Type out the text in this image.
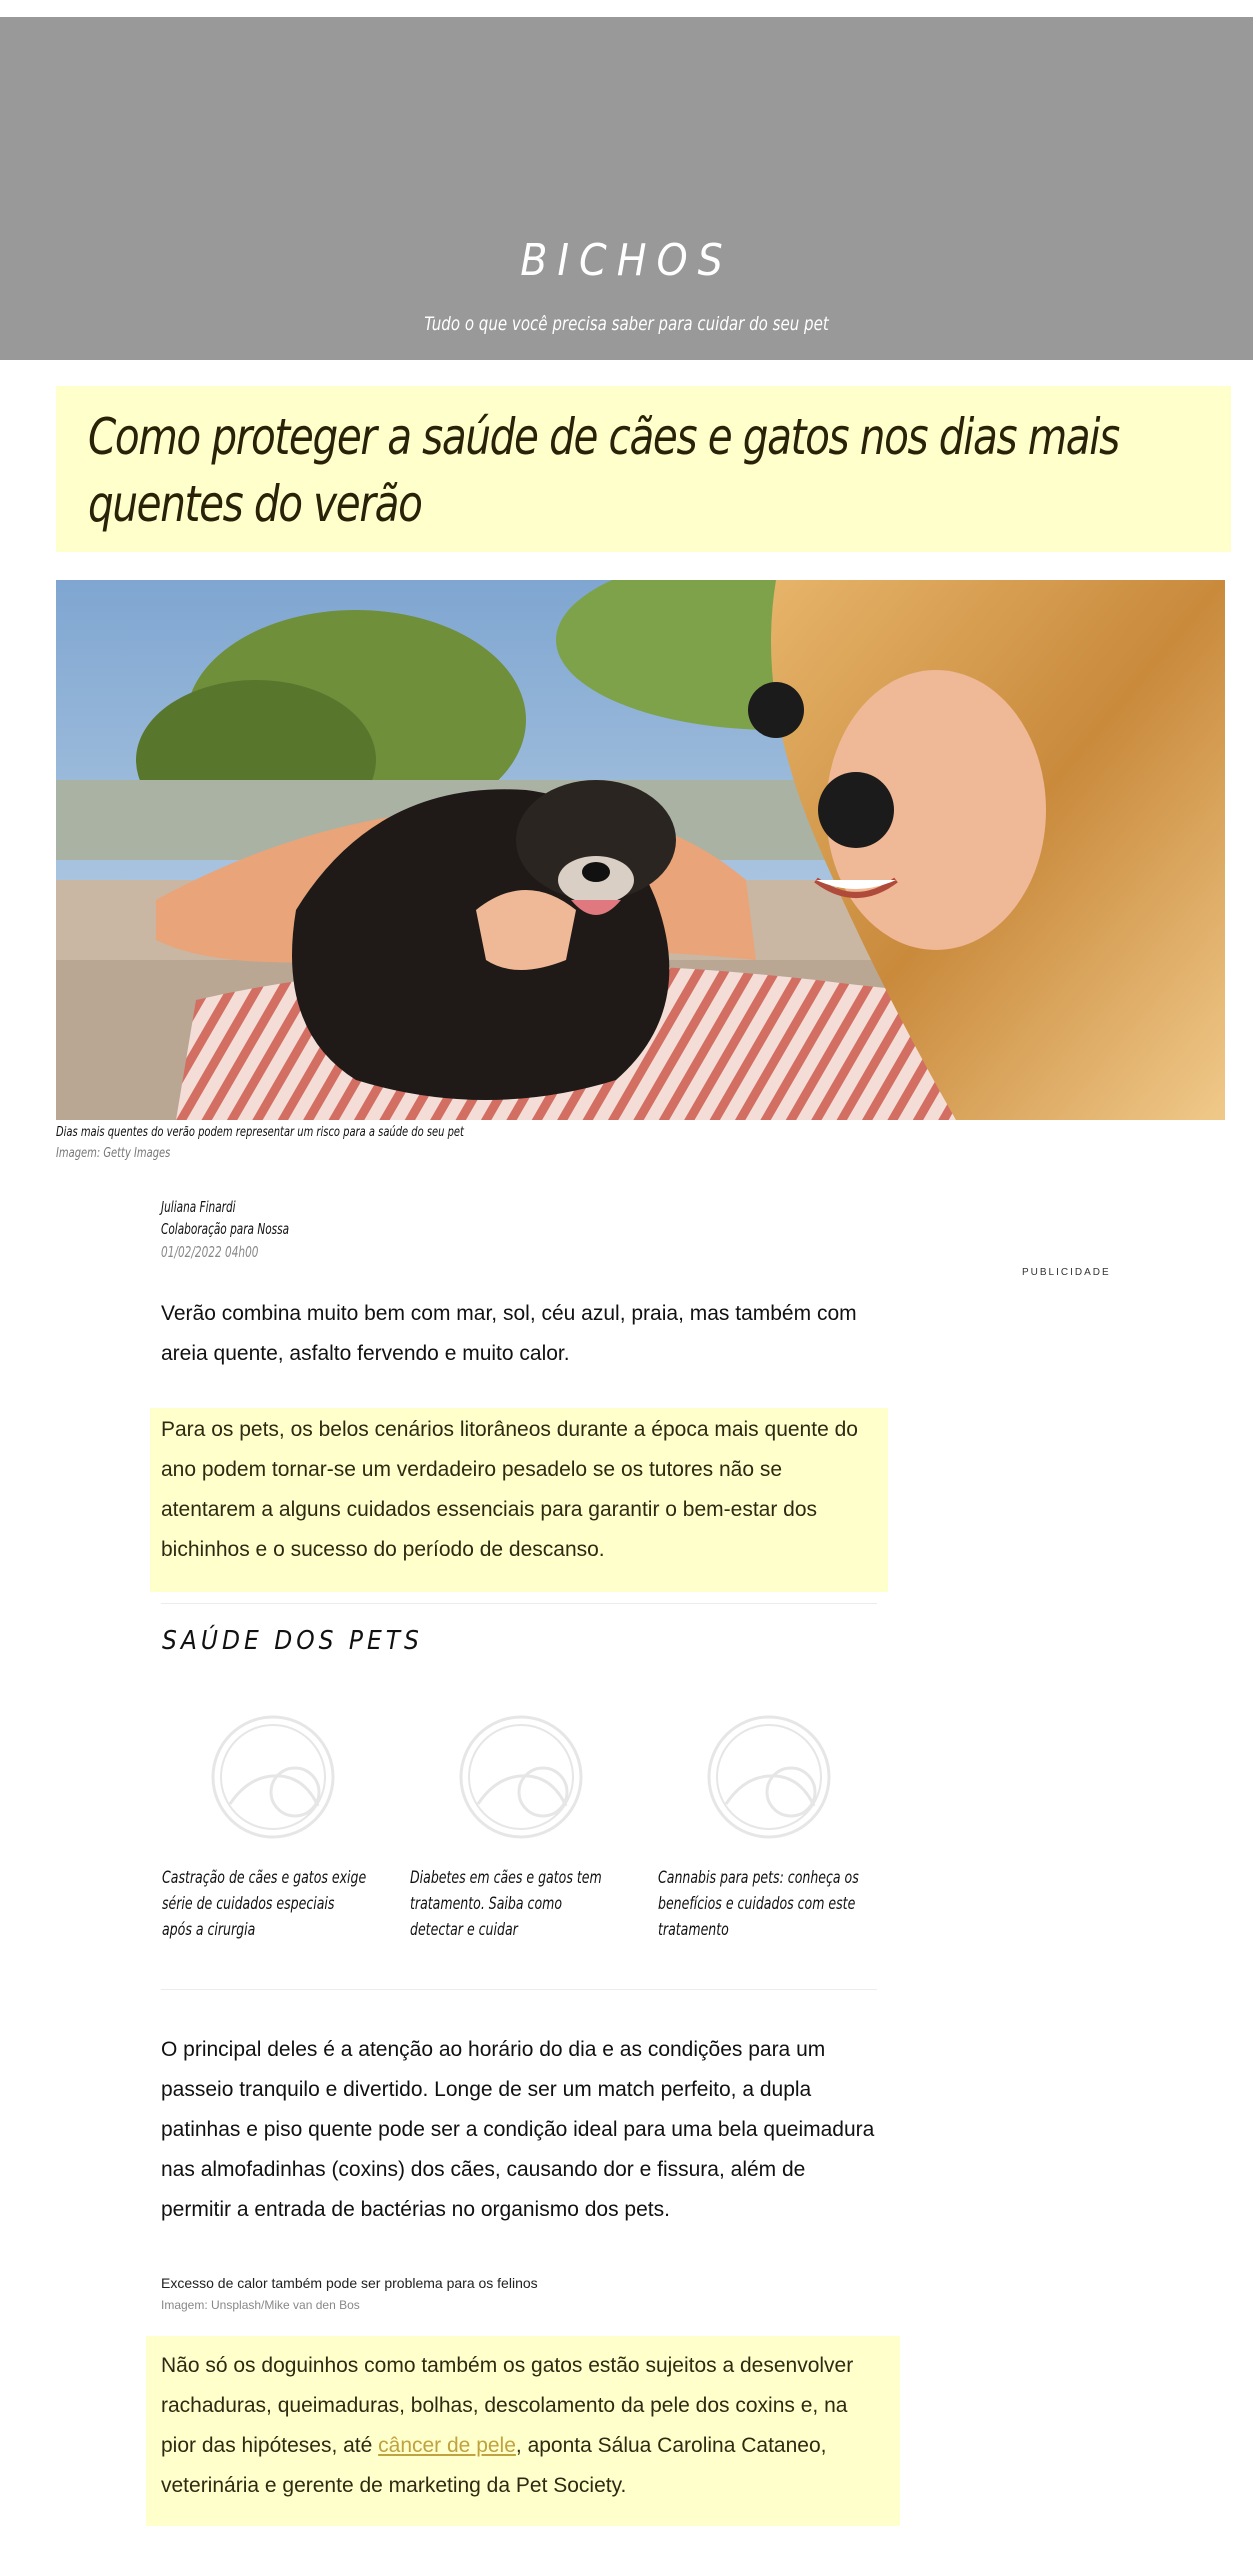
BICHOS
Tudo o que você precisa saber para cuidar do seu pet
Como proteger a saúde de cães e gatos nos dias mais quentes do verão
Dias mais quentes do verão podem representar um risco para a saúde do seu pet
Imagem: Getty Images
Juliana Finardi
Colaboração para Nossa
01/02/2022 04h00
PUBLICIDADE

Verão combina muito bem com mar, sol, céu azul, praia, mas também com areia quente, asfalto fervendo e muito calor.

Para os pets, os belos cenários litorâneos durante a época mais quente do ano podem tornar-se um verdadeiro pesadelo se os tutores não se atentarem a alguns cuidados essenciais para garantir o bem-estar dos bichinhos e o sucesso do período de descanso.

SAÚDE DOS PETS
Castração de cães e gatos exige série de cuidados especiais após a cirurgia
Diabetes em cães e gatos tem tratamento. Saiba como detectar e cuidar
Cannabis para pets: conheça os benefícios e cuidados com este tratamento

O principal deles é a atenção ao horário do dia e as condições para um passeio tranquilo e divertido. Longe de ser um match perfeito, a dupla patinhas e piso quente pode ser a condição ideal para uma bela queimadura nas almofadinhas (coxins) dos cães, causando dor e fissura, além de permitir a entrada de bactérias no organismo dos pets.

Excesso de calor também pode ser problema para os felinos
Imagem: Unsplash/Mike van den Bos

Não só os doguinhos como também os gatos estão sujeitos a desenvolver rachaduras, queimaduras, bolhas, descolamento da pele dos coxins e, na pior das hipóteses, até câncer de pele, aponta Sálua Carolina Cataneo, veterinária e gerente de marketing da Pet Society.
